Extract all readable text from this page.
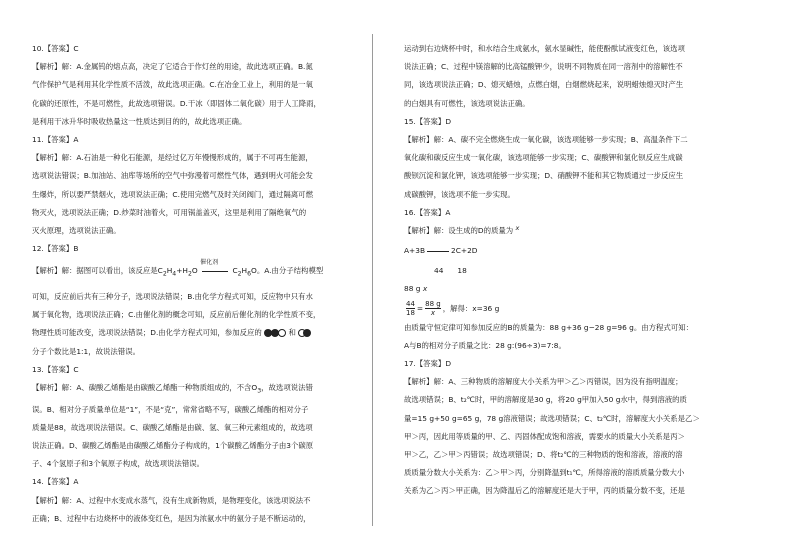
10.【答案】C

【解析】解：A.金属钨的熔点高，决定了它适合于作灯丝的用途，故此选项正确。B.氮

气作保护气是利用其化学性质不活泼，故此选项正确。C.在冶金工业上，利用的是一氧

化碳的还原性，不是可燃性，此故选项错误。D.干冰（即固体二氧化碳）用于人工降雨，

是利用干冰升华时吸收热量这一性质达到目的的，故此选项正确。

11.【答案】A

【解析】解：A.石油是一种化石能源，是经过亿万年慢慢形成的，属于不可再生能源，

选项说法错误；B.加油站、油库等场所的空气中弥漫着可燃性气体，遇到明火可能会发

生爆炸，所以要严禁烟火，选项说法正确；C.使用完燃气及时关闭阀门，通过隔离可燃

物灭火，选项说法正确；D.炒菜时油着火，可用锅盖盖灭，这里是利用了隔绝氧气的

灭火原理，选项说法正确。

12.【答案】B

【解析】解：据图可以看出，该反应是$C_2H_4+H_2O$
催化剂
$C_2H_6O$。A.由分子结构模型

可知，反应前后共有三种分子，选项说法错误；B.由化学方程式可知，反应物中只有水

属于氧化物，选项说法正确；C.由催化剂的概念可知，反应前后催化剂的化学性质不变，

物理性质可能改变，选项说法错误；D.由化学方程式可知，参加反应的	和

分子个数比是1:1，故说法错误。

13.【答案】C

【解析】解：A、碳酸乙烯酯是由碳酸乙烯酯一种物质组成的，不含$O_3$，故选项说法错

误。B、相对分子质量单位是“1”，不是“克”，常常省略不写，碳酸乙烯酯的相对分子

质量是88，故选项说法错误。C、碳酸乙烯酯是由碳、氢、氧三种元素组成的，故选项

说法正确。D、碳酸乙烯酯是由碳酸乙烯酯分子构成的，1个碳酸乙烯酯分子由3个碳原

子、4个氢原子和3个氧原子构成，故选项说法错误。

14.【答案】A

【解析】解：A、过程中水变成水蒸气，没有生成新物质，是物理变化，该选项说法不

正确；B、过程中右边烧杯中的液体变红色，是因为浓氨水中的氨分子是不断运动的，

运动到右边烧杯中时，和水结合生成氨水，氨水显碱性，能使酚酞试液变红色，该选项

说法正确；C、过程中镁溶解的比高锰酸钾少，说明不同物质在同一溶剂中的溶解性不

同，该选项说法正确；D、熄灭蜡烛，点燃白烟，白烟燃烧起来，说明蜡烛熄灭时产生

的白烟具有可燃性，该选项说法正确。

15.【答案】D

【解析】解：A、碳不完全燃烧生成一氧化碳，该选项能够一步实现；B、高温条件下二

氧化碳和碳反应生成一氧化碳，该选项能够一步实现；C、碳酸钾和氯化钡反应生成碳

酸钡沉淀和氯化钾，该选项能够一步实现；D、硝酸钾不能和其它物质通过一步反应生

成碳酸钾，该选项不能一步实现。

16.【答案】A

【解析】解：设生成的D的质量为 x

A+3B	2C+2D

44 18

88 g x

$\frac{44}{18} = \frac{88 g}{x}$ ，解得：x=36 g

由质量守恒定律可知参加反应的B的质量为：88 g+36 g−28 g=96 g。由方程式可知：

A与B的相对分子质量之比：28 g:(96÷3)=7:8。

17.【答案】D

【解析】解：A、三种物质的溶解度大小关系为甲＞乙＞丙错误，因为没有指明温度；

故选项错误；B、t₂℃时，甲的溶解度是30 g，将20 g甲加入50 g水中，得到溶液的质

量=15 g+50 g=65 g，78 g溶液错误；故选项错误；C、t₂℃时，溶解度大小关系是乙＞

甲＞丙，因此用等质量的甲、乙、丙固体配成饱和溶液，需要水的质量大小关系是丙＞

甲＞乙，乙＞甲＞丙错误；故选项错误；D、将t₂℃的三种物质的饱和溶液，溶液的溶

质质量分数大小关系为：乙＞甲＞丙，分别降温到t₁℃，所得溶液的溶质质量分数大小

关系为乙＞丙＞甲正确，因为降温后乙的溶解度还是大于甲，丙的质量分数不变，还是
